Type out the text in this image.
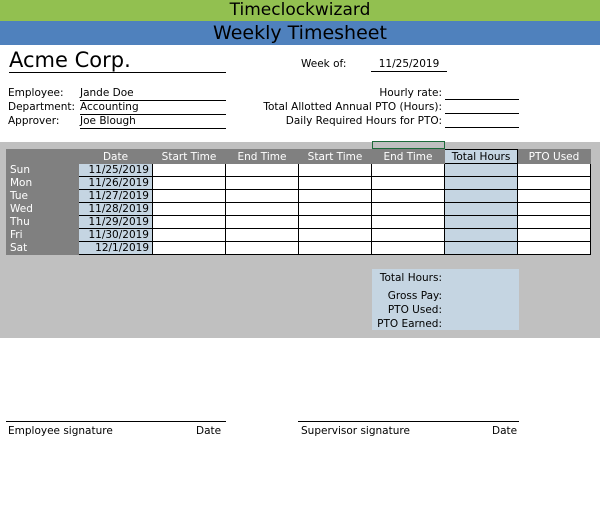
Timeclockwizard
Weekly Timesheet
Acme Corp.	Week of:	11/25/2019
Employee: Jande Doe
Department: Accounting
Approver: Joe Blough
Hourly rate:
Total Allotted Annual PTO (Hours):
Daily Required Hours for PTO:
	Date	Start Time	End Time	Start Time	End Time	Total Hours	PTO Used
Sun	11/25/2019						
Mon	11/26/2019						
Tue	11/27/2019						
Wed	11/28/2019						
Thu	11/29/2019						
Fri	11/30/2019						
Sat	12/1/2019						
Total Hours:
Gross Pay:
PTO Used:
PTO Earned:
Employee signature	Date	Supervisor signature	Date
